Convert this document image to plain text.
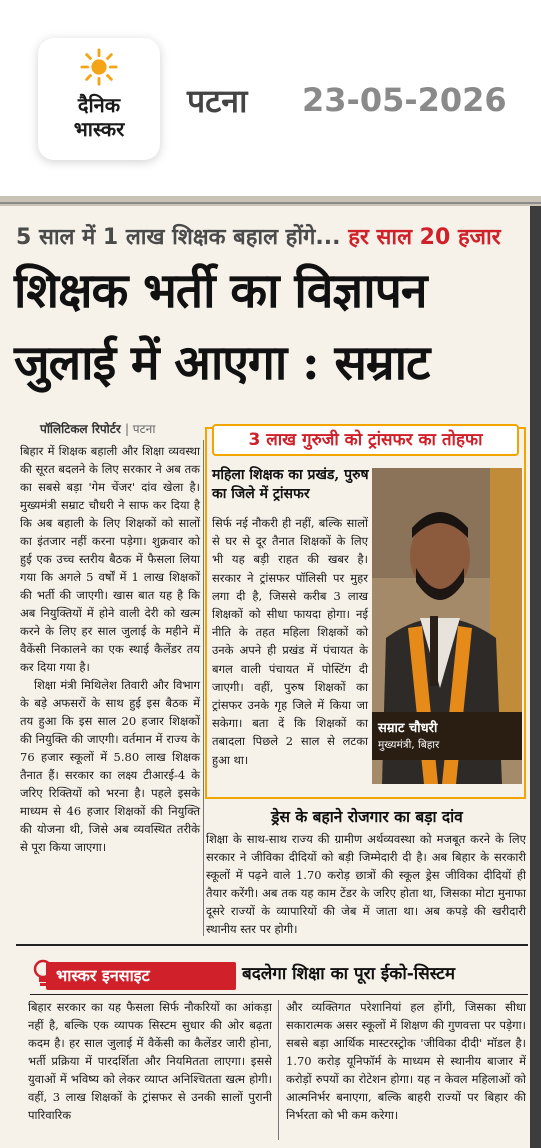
दैनिक
भास्कर
पटना 23-05-2026
5 साल में 1 लाख शिक्षक बहाल होंगे... हर साल 20 हजार
शिक्षक भर्ती का विज्ञापन
जुलाई में आएगा : सम्राट
पॉलिटिकल रिपोर्टर | पटना

बिहार में शिक्षक बहाली और शिक्षा व्यवस्था की सूरत बदलने के लिए सरकार ने अब तक का सबसे बड़ा 'गेम चेंजर' दांव खेला है। मुख्यमंत्री सम्राट चौधरी ने साफ कर दिया है कि अब बहाली के लिए शिक्षकों को सालों का इंतजार नहीं करना पड़ेगा। शुक्रवार को हुई एक उच्च स्तरीय बैठक में फैसला लिया गया कि अगले 5 वर्षों में 1 लाख शिक्षकों की भर्ती की जाएगी। खास बात यह है कि अब नियुक्तियों में होने वाली देरी को खत्म करने के लिए हर साल जुलाई के महीने में वैकेंसी निकालने का एक स्थाई कैलेंडर तय कर दिया गया है।

शिक्षा मंत्री मिथिलेश तिवारी और विभाग के बड़े अफसरों के साथ हुई इस बैठक में तय हुआ कि इस साल 20 हजार शिक्षकों की नियुक्ति की जाएगी। वर्तमान में राज्य के 76 हजार स्कूलों में 5.80 लाख शिक्षक तैनात हैं। सरकार का लक्ष्य टीआरई-4 के जरिए रिक्तियों को भरना है। पहले इसके माध्यम से 46 हजार शिक्षकों की नियुक्ति की योजना थी, जिसे अब व्यवस्थित तरीके से पूरा किया जाएगा।

3 लाख गुरुजी को ट्रांसफर का तोहफा
महिला शिक्षक का प्रखंड, पुरुष का जिले में ट्रांसफर
सिर्फ नई नौकरी ही नहीं, बल्कि सालों से घर से दूर तैनात शिक्षकों के लिए भी यह बड़ी राहत की खबर है। सरकार ने ट्रांसफर पॉलिसी पर मुहर लगा दी है, जिससे करीब 3 लाख शिक्षकों को सीधा फायदा होगा। नई नीति के तहत महिला शिक्षकों को उनके अपने ही प्रखंड में पंचायत के बगल वाली पंचायत में पोस्टिंग दी जाएगी। वहीं, पुरुष शिक्षकों का ट्रांसफर उनके गृह जिले में किया जा सकेगा। बता दें कि शिक्षकों का तबादला पिछले 2 साल से लटका हुआ था।
सम्राट चौधरी
मुख्यमंत्री, बिहार
ड्रेस के बहाने रोजगार का बड़ा दांव
शिक्षा के साथ-साथ राज्य की ग्रामीण अर्थव्यवस्था को मजबूत करने के लिए सरकार ने जीविका दीदियों को बड़ी जिम्मेदारी दी है। अब बिहार के सरकारी स्कूलों में पढ़ने वाले 1.70 करोड़ छात्रों की स्कूल ड्रेस जीविका दीदियों ही तैयार करेंगी। अब तक यह काम टेंडर के जरिए होता था, जिसका मोटा मुनाफा दूसरे राज्यों के व्यापारियों की जेब में जाता था। अब कपड़े की खरीदारी स्थानीय स्तर पर होगी।
भास्कर इनसाइट	बदलेगा शिक्षा का पूरा ईको-सिस्टम
बिहार सरकार का यह फैसला सिर्फ नौकरियों का आंकड़ा नहीं है, बल्कि एक व्यापक सिस्टम सुधार की ओर बढ़ता कदम है। हर साल जुलाई में वैकेंसी का कैलेंडर जारी होना, भर्ती प्रक्रिया में पारदर्शिता और नियमितता लाएगा। इससे युवाओं में भविष्य को लेकर व्याप्त अनिश्चितता खत्म होगी। वहीं, 3 लाख शिक्षकों के ट्रांसफर से उनकी सालों पुरानी पारिवारिक
और व्यक्तिगत परेशानियां हल होंगी, जिसका सीधा सकारात्मक असर स्कूलों में शिक्षण की गुणवत्ता पर पड़ेगा। सबसे बड़ा आर्थिक मास्टरस्ट्रोक 'जीविका दीदी' मॉडल है। 1.70 करोड़ यूनिफॉर्म के माध्यम से स्थानीय बाजार में करोड़ों रुपयों का रोटेशन होगा। यह न केवल महिलाओं को आत्मनिर्भर बनाएगा, बल्कि बाहरी राज्यों पर बिहार की निर्भरता को भी कम करेगा।
